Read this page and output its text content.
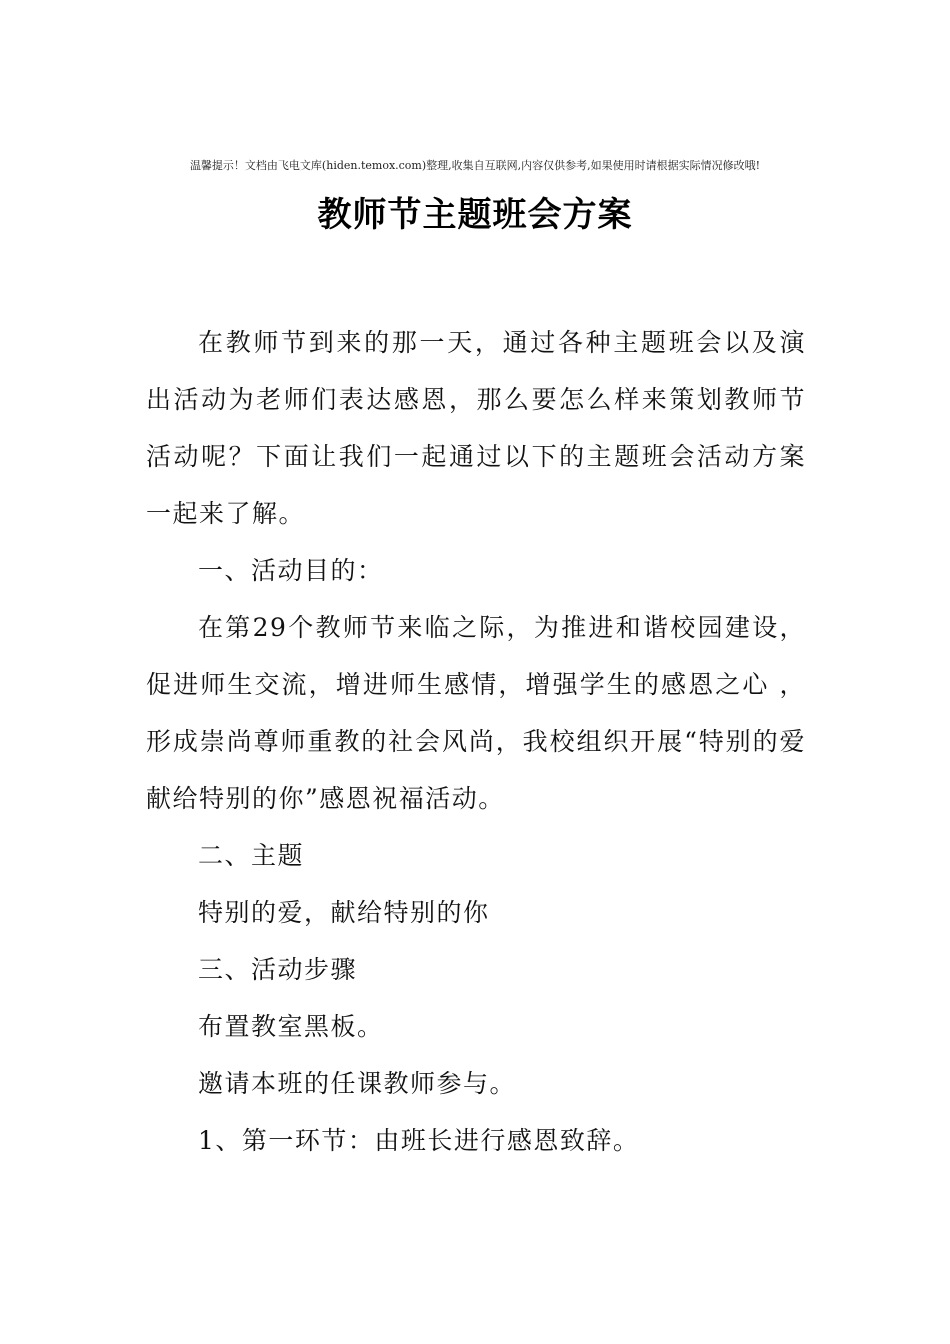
温馨提示！文档由飞电文库(hiden.temox.com)整理,收集自互联网,内容仅供参考,如果使用时请根据实际情况修改哦!
教师节主题班会方案

在教师节到来的那一天，通过各种主题班会以及演出活动为老师们表达感恩，那么要怎么样来策划教师节活动呢？下面让我们一起通过以下的主题班会活动方案一起来了解。

一、活动目的：

在第29个教师节来临之际，为推进和谐校园建设，促进师生交流，增进师生感情，增强学生的感恩之心 ，形成崇尚尊师重教的社会风尚，我校组织开展“特别的爱献给特别的你”感恩祝福活动。

二、主题

特别的爱，献给特别的你

三、活动步骤

布置教室黑板。

邀请本班的任课教师参与。

1、第一环节：由班长进行感恩致辞。
